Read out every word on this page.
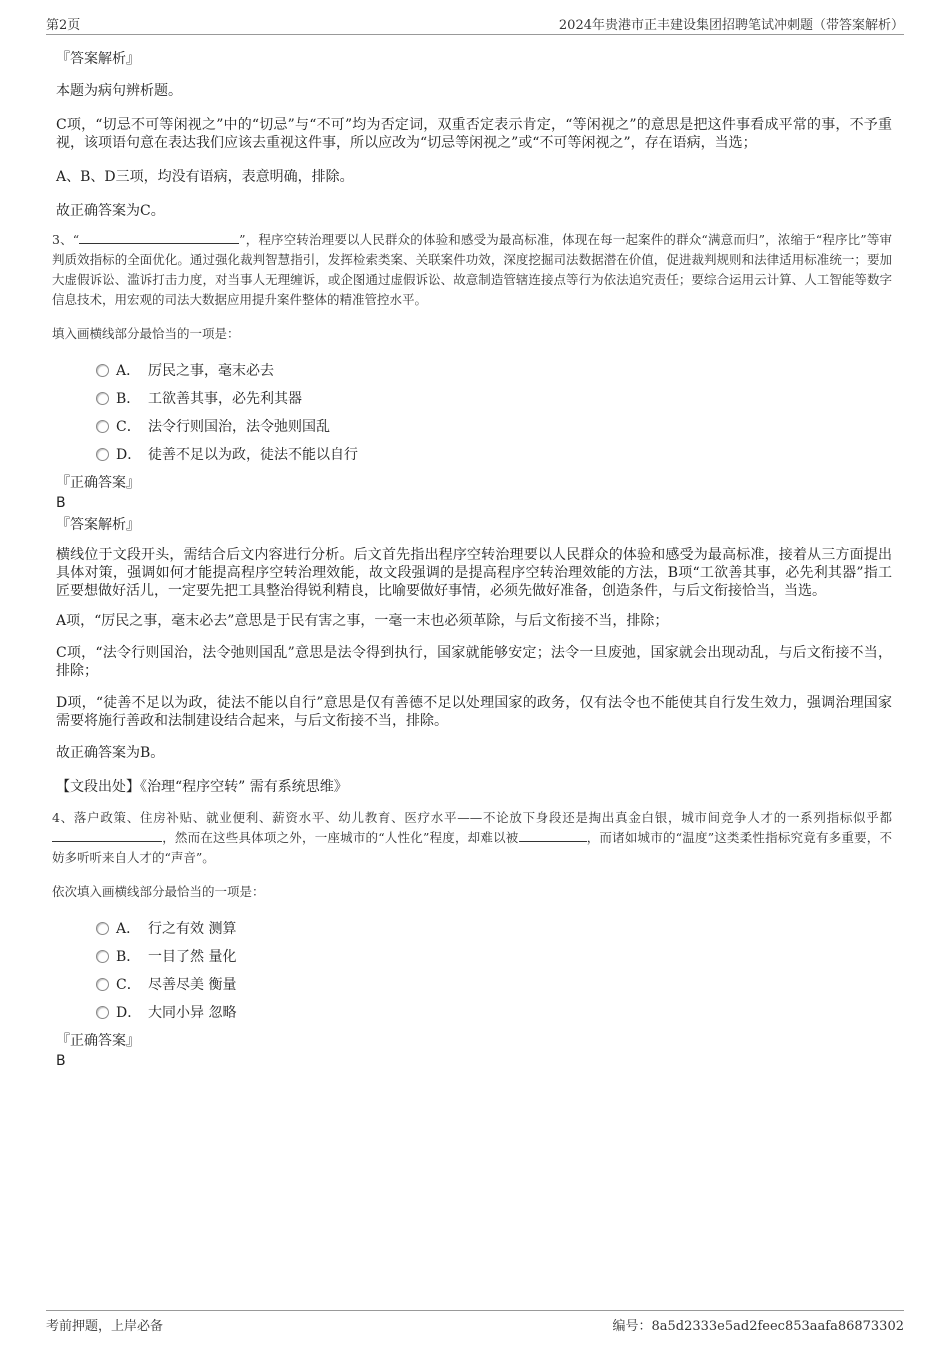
第2页	2024年贵港市正丰建设集团招聘笔试冲刺题（带答案解析）
『答案解析』
本题为病句辨析题。
C项，“切忌不可等闲视之”中的“切忌”与“不可”均为否定词，双重否定表示肯定，“等闲视之”的意思是把这件事看成平常的事，不予重视，该项语句意在表达我们应该去重视这件事，所以应改为“切忌等闲视之”或“不可等闲视之”，存在语病，当选；
A、B、D三项，均没有语病，表意明确，排除。
故正确答案为C。
3、“	”，程序空转治理要以人民群众的体验和感受为最高标准，体现在每一起案件的群众“满意而归”，浓缩于“程序比”等审判质效指标的全面优化。通过强化裁判智慧指引，发挥检索类案、关联案件功效，深度挖掘司法数据潜在价值，促进裁判规则和法律适用标准统一；要加大虚假诉讼、滥诉打击力度，对当事人无理缠诉，或企图通过虚假诉讼、故意制造管辖连接点等行为依法追究责任；要综合运用云计算、人工智能等数字信息技术，用宏观的司法大数据应用提升案件整体的精准管控水平。
填入画横线部分最恰当的一项是：
A． 厉民之事，毫末必去
B． 工欲善其事，必先利其器
C． 法令行则国治，法令弛则国乱
D． 徒善不足以为政，徒法不能以自行
『正确答案』
B
『答案解析』
横线位于文段开头，需结合后文内容进行分析。后文首先指出程序空转治理要以人民群众的体验和感受为最高标准，接着从三方面提出具体对策，强调如何才能提高程序空转治理效能，故文段强调的是提高程序空转治理效能的方法，B项“工欲善其事，必先利其器”指工匠要想做好活儿，一定要先把工具整治得锐利精良，比喻要做好事情，必须先做好准备，创造条件，与后文衔接恰当，当选。
A项，“厉民之事，毫末必去”意思是于民有害之事，一毫一末也必须革除，与后文衔接不当，排除；
C项，“法令行则国治，法令弛则国乱”意思是法令得到执行，国家就能够安定；法令一旦废弛，国家就会出现动乱，与后文衔接不当，排除；
D项，“徒善不足以为政，徒法不能以自行”意思是仅有善德不足以处理国家的政务，仅有法令也不能使其自行发生效力，强调治理国家需要将施行善政和法制建设结合起来，与后文衔接不当，排除。
故正确答案为B。
【文段出处】《治理“程序空转” 需有系统思维》
4、落户政策、住房补贴、就业便利、薪资水平、幼儿教育、医疗水平——不论放下身段还是掏出真金白银，城市间竞争人才的一系列指标似乎都，然而在这些具体项之外，一座城市的“人性化”程度，却难以被	，而诸如城市的“温度”这类柔性指标究竟有多重要，不妨多听听来自人才的“声音”。
依次填入画横线部分最恰当的一项是：
A． 行之有效 测算
B． 一目了然 量化
C． 尽善尽美 衡量
D． 大同小异 忽略
『正确答案』
B
考前押题，上岸必备	编号：8a5d2333e5ad2feec853aafa86873302
